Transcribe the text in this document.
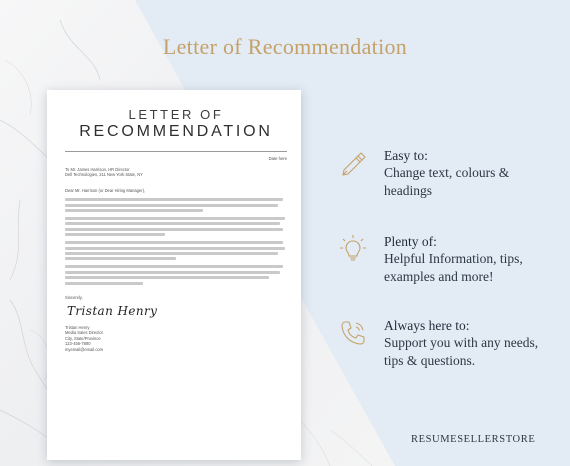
Letter of Recommendation
LETTER OF
RECOMMENDATION
Date here
To Mr. James Harrison, HR Director
Dell Technologies, 211 New York State, NY
Dear Mr. Harrison (or Dear Hiring Manager),
Sincerely,
Tristan Henry
Tristan Henry
Media Sales Director
City, State/Province
123-456-7890
myemail@email.com
Easy to:
Change text, colours &
headings
Plenty of:
Helpful Information, tips,
examples and more!
Always here to:
Support you with any needs,
tips & questions.
RESUMESELLERSTORE
